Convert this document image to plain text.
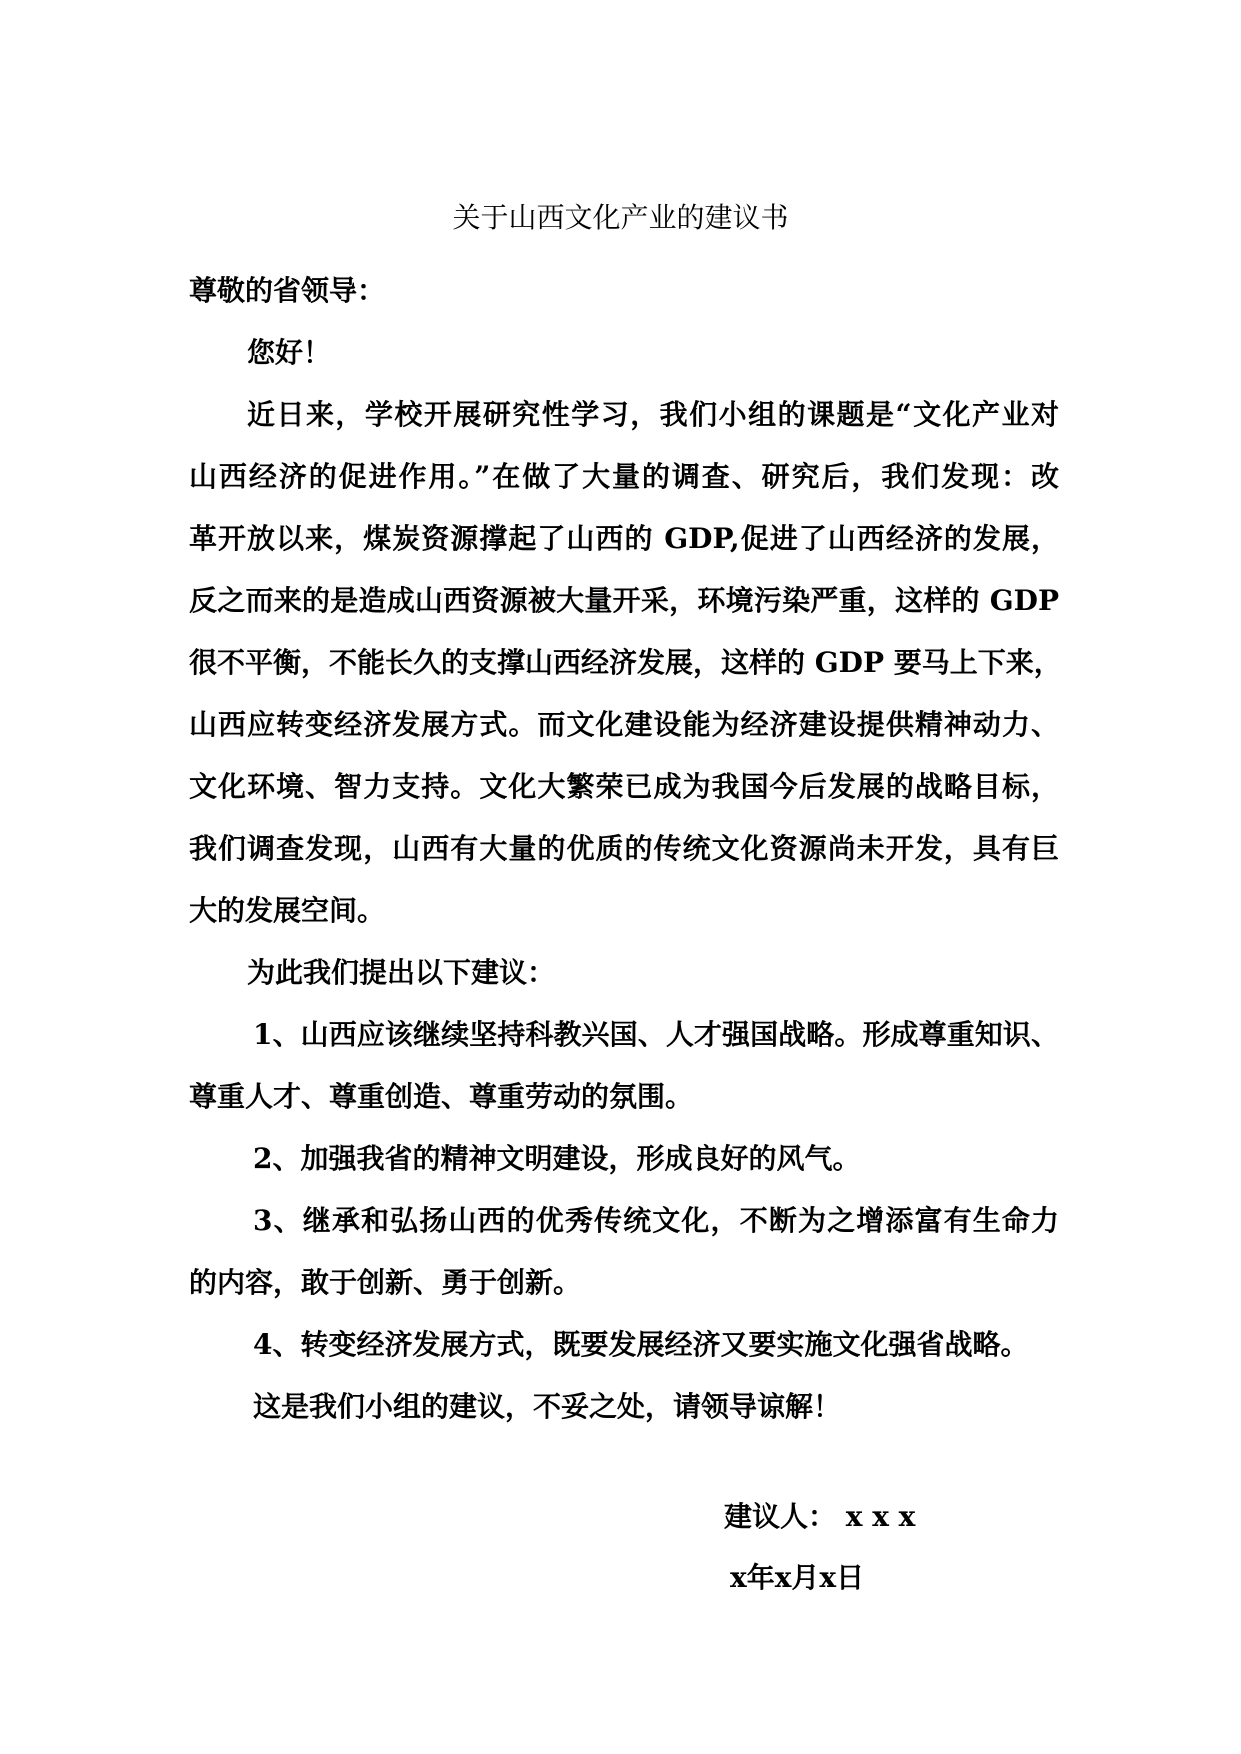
关于山西文化产业的建议书
尊敬的省领导：
您好！
近日来，学校开展研究性学习，我们小组的课题是“文化产业对
山西经济的促进作用。”在做了大量的调查、研究后，我们发现：改
革开放以来，煤炭资源撑起了山西的 GDP,促进了山西经济的发展，
反之而来的是造成山西资源被大量开采，环境污染严重，这样的 GDP
很不平衡，不能长久的支撑山西经济发展，这样的 GDP 要马上下来，
山西应转变经济发展方式。而文化建设能为经济建设提供精神动力、
文化环境、智力支持。文化大繁荣已成为我国今后发展的战略目标，
我们调查发现，山西有大量的优质的传统文化资源尚未开发，具有巨
大的发展空间。
为此我们提出以下建议：
1、山西应该继续坚持科教兴国、人才强国战略。形成尊重知识、
尊重人才、尊重创造、尊重劳动的氛围。
2、加强我省的精神文明建设，形成良好的风气。
3、继承和弘扬山西的优秀传统文化，不断为之增添富有生命力
的内容，敢于创新、勇于创新。
4、转变经济发展方式，既要发展经济又要实施文化强省战略。
这是我们小组的建议，不妥之处，请领导谅解！
建议人： x x x
x年x月x日
